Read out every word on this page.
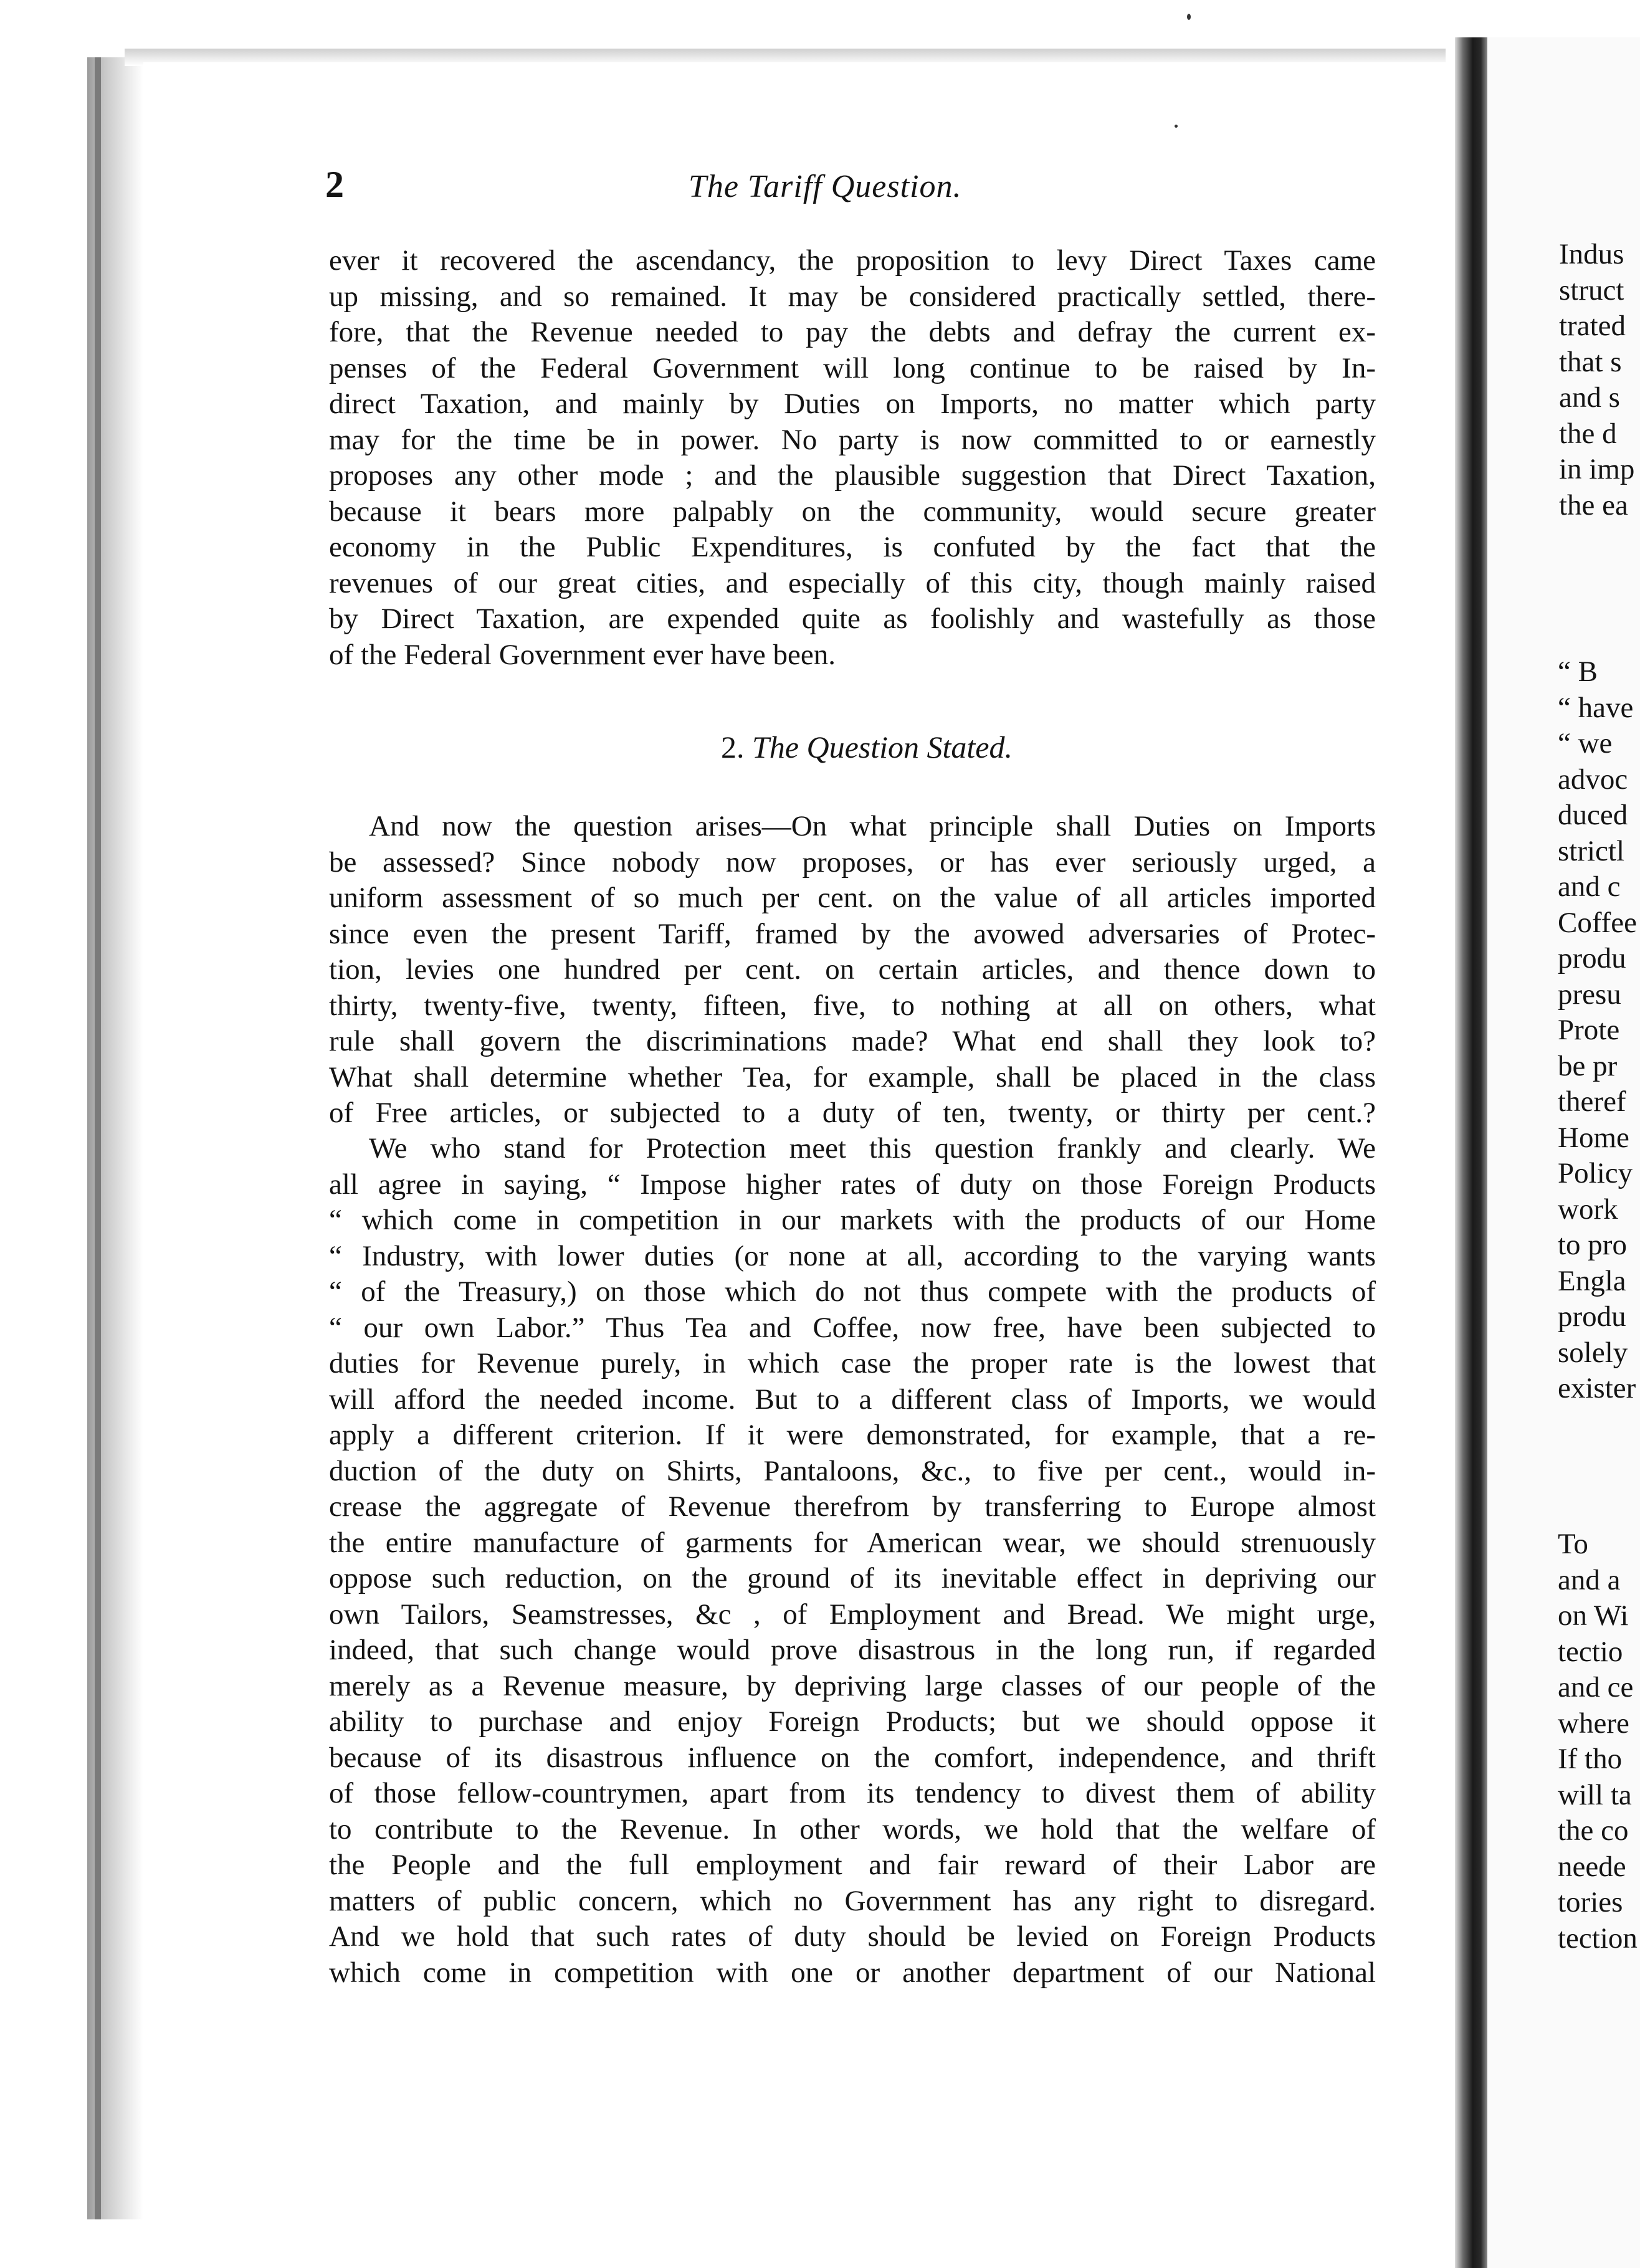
2	The Tariff Question.
ever it recovered the ascendancy, the proposition to levy Direct Taxes came
up missing, and so remained. It may be considered practically settled, there-
fore, that the Revenue needed to pay the debts and defray the current ex-
penses of the Federal Government will long continue to be raised by In-
direct Taxation, and mainly by Duties on Imports, no matter which party
may for the time be in power. No party is now committed to or earnestly
proposes any other mode ; and the plausible suggestion that Direct Taxation,
because it bears more palpably on the community, would secure greater
economy in the Public Expenditures, is confuted by the fact that the
revenues of our great cities, and especially of this city, though mainly raised
by Direct Taxation, are expended quite as foolishly and wastefully as those
of the Federal Government ever have been.
2. The Question Stated.
And now the question arises—On what principle shall Duties on Imports
be assessed? Since nobody now proposes, or has ever seriously urged, a
uniform assessment of so much per cent. on the value of all articles imported
since even the present Tariff, framed by the avowed adversaries of Protec-
tion, levies one hundred per cent. on certain articles, and thence down to
thirty, twenty-five, twenty, fifteen, five, to nothing at all on others, what
rule shall govern the discriminations made? What end shall they look to?
What shall determine whether Tea, for example, shall be placed in the class
of Free articles, or subjected to a duty of ten, twenty, or thirty per cent.?
We who stand for Protection meet this question frankly and clearly. We
all agree in saying, “ Impose higher rates of duty on those Foreign Products
“ which come in competition in our markets with the products of our Home
“ Industry, with lower duties (or none at all, according to the varying wants
“ of the Treasury,) on those which do not thus compete with the products of
“ our own Labor.” Thus Tea and Coffee, now free, have been subjected to
duties for Revenue purely, in which case the proper rate is the lowest that
will afford the needed income. But to a different class of Imports, we would
apply a different criterion. If it were demonstrated, for example, that a re-
duction of the duty on Shirts, Pantaloons, &c., to five per cent., would in-
crease the aggregate of Revenue therefrom by transferring to Europe almost
the entire manufacture of garments for American wear, we should strenuously
oppose such reduction, on the ground of its inevitable effect in depriving our
own Tailors, Seamstresses, &c , of Employment and Bread. We might urge,
indeed, that such change would prove disastrous in the long run, if regarded
merely as a Revenue measure, by depriving large classes of our people of the
ability to purchase and enjoy Foreign Products; but we should oppose it
because of its disastrous influence on the comfort, independence, and thrift
of those fellow-countrymen, apart from its tendency to divest them of ability
to contribute to the Revenue. In other words, we hold that the welfare of
the People and the full employment and fair reward of their Labor are
matters of public concern, which no Government has any right to disregard.
And we hold that such rates of duty should be levied on Foreign Products
which come in competition with one or another department of our National
Indus
struct
trated
that s
and s
the d
in imp
the ea
“ B
“ have
“ we
advoc
duced
strictl
and c
Coffee
produ
presu
Prote
be pr
theref
Home
Policy
work
to pro
Engla
produ
solely
exister
To
and a
on Wi
tectio
and ce
where
If tho
will ta
the co
neede
tories
tection
